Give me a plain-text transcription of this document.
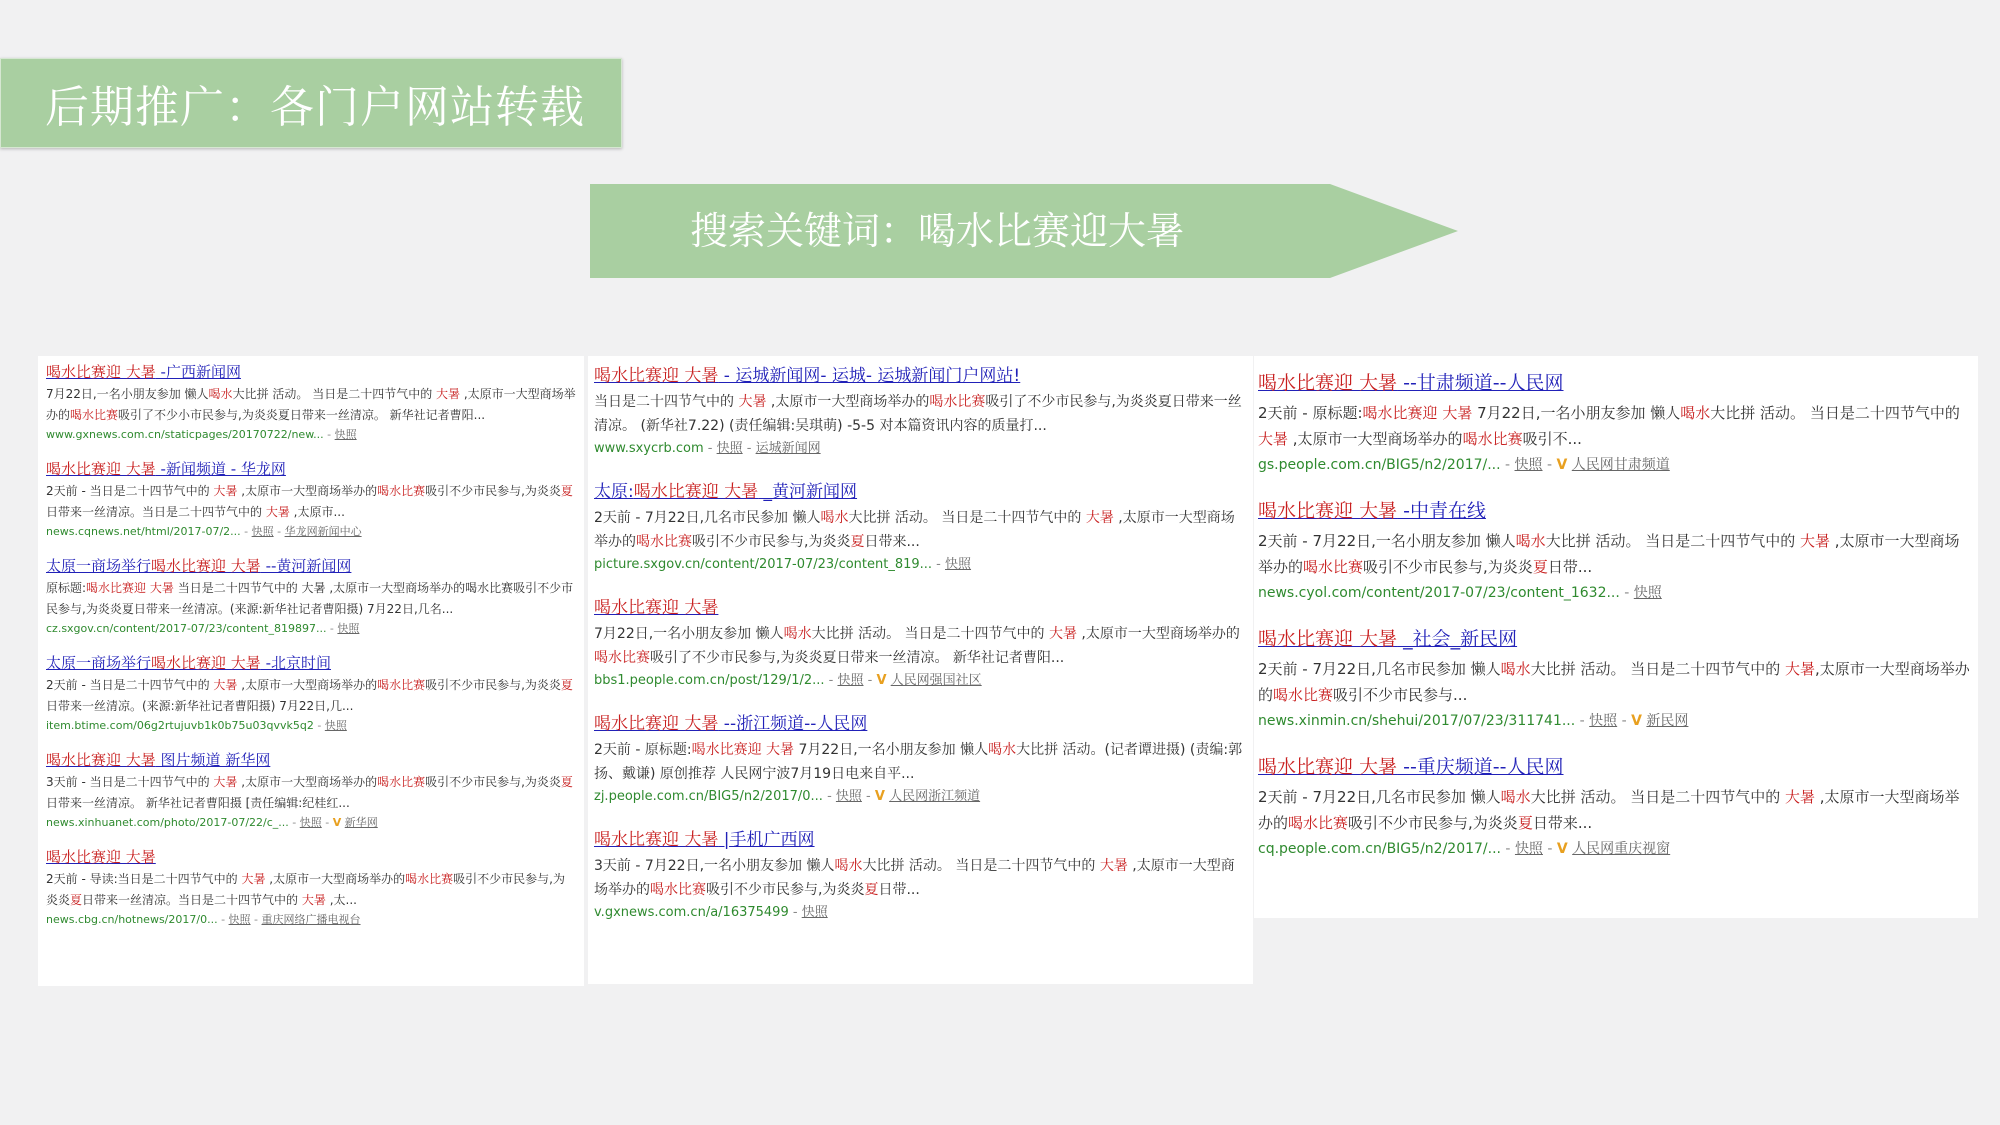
后期推广：各门户网站转载
搜索关键词：喝水比赛迎大暑
喝水比赛迎 大暑 -广西新闻网
7月22日,一名小朋友参加 懒人喝水大比拼 活动。 当日是二十四节气中的 大暑 ,太原市一大型商场举办的喝水比赛吸引了不少小市民参与,为炎炎夏日带来一丝清凉。 新华社记者曹阳...
www.gxnews.com.cn/staticpages/20170722/new... - 快照
喝水比赛迎 大暑 -新闻频道 - 华龙网
2天前 - 当日是二十四节气中的 大暑 ,太原市一大型商场举办的喝水比赛吸引不少市民参与,为炎炎夏日带来一丝清凉。当日是二十四节气中的 大暑 ,太原市...
news.cqnews.net/html/2017-07/2... - 快照 - 华龙网新闻中心
太原一商场举行喝水比赛迎 大暑 --黄河新闻网
原标题:喝水比赛迎 大暑 当日是二十四节气中的 大暑 ,太原市一大型商场举办的喝水比赛吸引不少市民参与,为炎炎夏日带来一丝清凉。(来源:新华社记者曹阳摄) 7月22日,几名...
cz.sxgov.cn/content/2017-07/23/content_819897... - 快照
太原一商场举行喝水比赛迎 大暑 -北京时间
2天前 - 当日是二十四节气中的 大暑 ,太原市一大型商场举办的喝水比赛吸引不少市民参与,为炎炎夏日带来一丝清凉。(来源:新华社记者曹阳摄) 7月22日,几...
item.btime.com/06g2rtujuvb1k0b75u03qvvk5q2 - 快照
喝水比赛迎 大暑 图片频道 新华网
3天前 - 当日是二十四节气中的 大暑 ,太原市一大型商场举办的喝水比赛吸引不少市民参与,为炎炎夏日带来一丝清凉。 新华社记者曹阳摄 [责任编辑:纪桂红...
news.xinhuanet.com/photo/2017-07/22/c_... - 快照 - V 新华网
喝水比赛迎 大暑
2天前 - 导读:当日是二十四节气中的 大暑 ,太原市一大型商场举办的喝水比赛吸引不少市民参与,为炎炎夏日带来一丝清凉。当日是二十四节气中的 大暑 ,太...
news.cbg.cn/hotnews/2017/0... - 快照 - 重庆网络广播电视台
喝水比赛迎 大暑 - 运城新闻网- 运城- 运城新闻门户网站!
当日是二十四节气中的 大暑 ,太原市一大型商场举办的喝水比赛吸引了不少市民参与,为炎炎夏日带来一丝清凉。 (新华社7.22) (责任编辑:吴琪萌) -5-5 对本篇资讯内容的质量打...
www.sxycrb.com - 快照 - 运城新闻网
太原:喝水比赛迎 大暑 _黄河新闻网
2天前 - 7月22日,几名市民参加 懒人喝水大比拼 活动。 当日是二十四节气中的 大暑 ,太原市一大型商场举办的喝水比赛吸引不少市民参与,为炎炎夏日带来...
picture.sxgov.cn/content/2017-07/23/content_819... - 快照
喝水比赛迎 大暑
7月22日,一名小朋友参加 懒人喝水大比拼 活动。 当日是二十四节气中的 大暑 ,太原市一大型商场举办的喝水比赛吸引了不少市民参与,为炎炎夏日带来一丝清凉。 新华社记者曹阳...
bbs1.people.com.cn/post/129/1/2... - 快照 - V 人民网强国社区
喝水比赛迎 大暑 --浙江频道--人民网
2天前 - 原标题:喝水比赛迎 大暑 7月22日,一名小朋友参加 懒人喝水大比拼 活动。(记者谭进摄) (责编:郭扬、戴谦) 原创推荐 人民网宁波7月19日电来自平...
zj.people.com.cn/BIG5/n2/2017/0... - 快照 - V 人民网浙江频道
喝水比赛迎 大暑 |手机广西网
3天前 - 7月22日,一名小朋友参加 懒人喝水大比拼 活动。 当日是二十四节气中的 大暑 ,太原市一大型商场举办的喝水比赛吸引不少市民参与,为炎炎夏日带...
v.gxnews.com.cn/a/16375499 - 快照
喝水比赛迎 大暑 --甘肃频道--人民网
2天前 - 原标题:喝水比赛迎 大暑 7月22日,一名小朋友参加 懒人喝水大比拼 活动。 当日是二十四节气中的 大暑 ,太原市一大型商场举办的喝水比赛吸引不...
gs.people.com.cn/BIG5/n2/2017/... - 快照 - V 人民网甘肃频道
喝水比赛迎 大暑 -中青在线
2天前 - 7月22日,一名小朋友参加 懒人喝水大比拼 活动。 当日是二十四节气中的 大暑 ,太原市一大型商场举办的喝水比赛吸引不少市民参与,为炎炎夏日带...
news.cyol.com/content/2017-07/23/content_1632... - 快照
喝水比赛迎 大暑 _社会_新民网
2天前 - 7月22日,几名市民参加 懒人喝水大比拼 活动。 当日是二十四节气中的 大暑,太原市一大型商场举办的喝水比赛吸引不少市民参与...
news.xinmin.cn/shehui/2017/07/23/311741... - 快照 - V 新民网
喝水比赛迎 大暑 --重庆频道--人民网
2天前 - 7月22日,几名市民参加 懒人喝水大比拼 活动。 当日是二十四节气中的 大暑 ,太原市一大型商场举办的喝水比赛吸引不少市民参与,为炎炎夏日带来...
cq.people.com.cn/BIG5/n2/2017/... - 快照 - V 人民网重庆视窗
